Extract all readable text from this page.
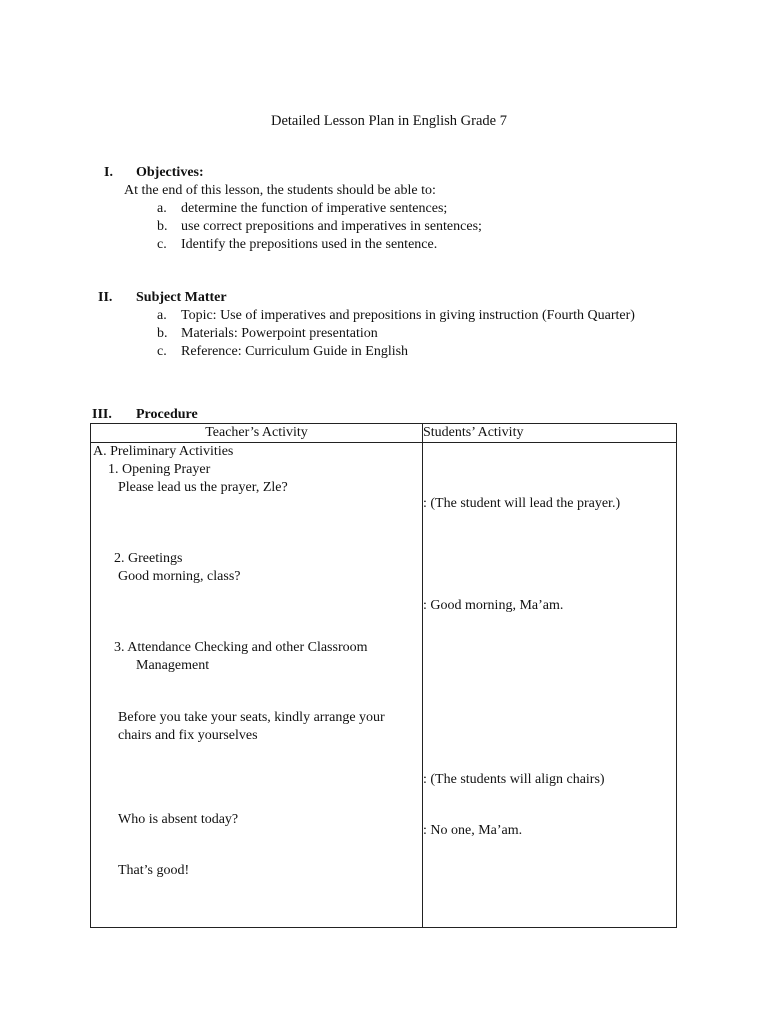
Detailed Lesson Plan in English Grade 7
I. Objectives:
At the end of this lesson, the students should be able to:
a. determine the function of imperative sentences;
b. use correct prepositions and imperatives in sentences;
c. Identify the prepositions used in the sentence.
II. Subject Matter
a. Topic: Use of imperatives and prepositions in giving instruction (Fourth Quarter)
b. Materials: Powerpoint presentation
c. Reference: Curriculum Guide in English
III. Procedure
Teacher’s Activity	Students’ Activity
A. Preliminary Activities
1. Opening Prayer
Please lead us the prayer, Zle?
2. Greetings
Good morning, class?
3. Attendance Checking and other Classroom
Management
Before you take your seats, kindly arrange your
chairs and fix yourselves
Who is absent today?
That’s good!
: (The student will lead the prayer.)
: Good morning, Ma’am.
: (The students will align chairs)
: No one, Ma’am.
